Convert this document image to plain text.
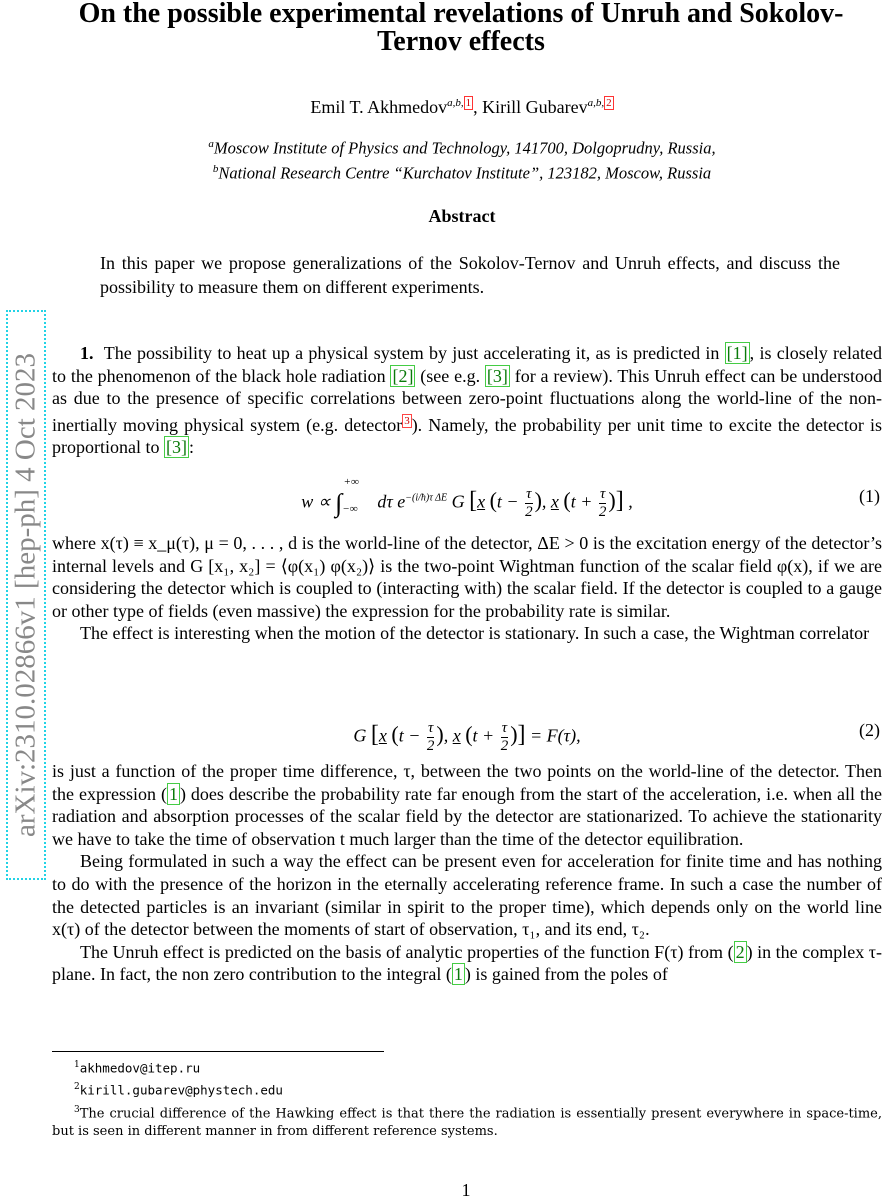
On the possible experimental revelations of Unruh and Sokolov-Ternov effects
Emil T. Akhmedov$^{a,b, 1}$ , Kirill Gubarev$^{a,b, 2}$
$^a$Moscow Institute of Physics and Technology, 141700, Dolgoprudny, Russia,
$^b$National Research Centre “Kurchatov Institute”, 123182, Moscow, Russia
Abstract
In this paper we propose generalizations of the Sokolov-Ternov and Unruh effects, and discuss the possibility to measure them on different experiments.
arXiv:2310.02866v1 [hep-ph] 4 Oct 2023	1. The possibility to heat up a physical system by just accelerating it, as is predicted in [1] , is closely related to the phenomenon of the black hole radiation [2] (see e.g. [3] for a review). This Unruh effect can be understood as due to the presence of specific correlations between zero-point fluctuations along the world-line of the non-inertially moving physical system (e.g. detector $^3$ ). Namely, the probability per unit time to excite the detector is proportional to [3] :

$w \propto \int_{-\infty}^{+\infty}$ dτ $e^{-(i/ħ)\tau \Delta E}$ G [x ($t - \frac{\tau}{2}$ ), x ($t + \frac{\tau}{2}$ )] ,	(1)

where x(τ) ≡ x_μ(τ), μ = 0, . . . , d is the world-line of the detector, ΔE > 0 is the excitation energy of the detector’s internal levels and G [x₁, x₂] = ⟨φ(x₁) φ(x₂)⟩ is the two-point Wightman function of the scalar field φ(x), if we are considering the detector which is coupled to (interacting with) the scalar field. If the detector is coupled to a gauge or other type of fields (even massive) the expression for the probability rate is similar.

The effect is interesting when the motion of the detector is stationary. In such a case, the Wightman correlator

G [x ($t - \frac{\tau}{2}$ ), x ($t + \frac{\tau}{2}$ )] = F(τ),	(2)

is just a function of the proper time difference, τ, between the two points on the world-line of the detector. Then the expression ( 1 ) does describe the probability rate far enough from the start of the acceleration, i.e. when all the radiation and absorption processes of the scalar field by the detector are stationarized. To achieve the stationarity we have to take the time of observation t much larger than the time of the detector equilibration.

Being formulated in such a way the effect can be present even for acceleration for finite time and has nothing to do with the presence of the horizon in the eternally accelerating reference frame. In such a case the number of the detected particles is an invariant (similar in spirit to the proper time), which depends only on the world line x(τ) of the detector between the moments of start of observation, τ₁, and its end, τ₂.

The Unruh effect is predicted on the basis of analytic properties of the function F(τ) from ( 2 ) in the complex τ-plane. In fact, the non zero contribution to the integral ( 1 ) is gained from the poles of

$^1$akhmedov@itep.ru
$^2$kirill.gubarev@phystech.edu
$^3$The crucial difference of the Hawking effect is that there the radiation is essentially present everywhere in space-time, but is seen in different manner in from different reference systems.
1
